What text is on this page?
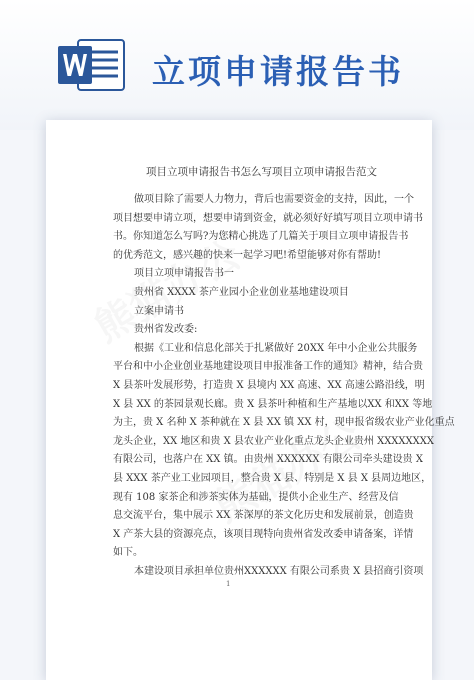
立项申请报告书
项目立项申请报告书怎么写项目立项申请报告范文
做项目除了需要人力物力，背后也需要资金的支持，因此，一个
项目想要申请立项，想要申请到资金，就必须好好填写项目立项申请书
书。你知道怎么写吗?为您精心挑选了几篇关于项目立项申请报告书
的优秀范文，感兴趣的快来一起学习吧!希望能够对你有帮助!
项目立项申请报告书一
贵州省 XXXX 茶产业园小企业创业基地建设项目
立案申请书
贵州省发改委:
根据《工业和信息化部关于扎紧做好 20XX 年中小企业公共服务
平台和中小企业创业基地建设项目申报准备工作的通知》精神，结合贵
X 县茶叶发展形势，打造贵 X 县境内 XX 高速、XX 高速公路沿线，明
X 县 XX 的茶园景观长廊。贵 X 县茶叶种植和生产基地以XX 和XX 等地
为主，贵 X 名种 X 茶种就在 X 县 XX 镇 XX 村，现申报省级农业产业化重点
龙头企业，XX 地区和贵 X 县农业产业化重点龙头企业贵州 XXXXXXXX
有限公司，也落户在 XX 镇。由贵州 XXXXXX 有限公司牵头建设贵 X
县 XXX 茶产业工业园项目，整合贵 X 县、特别是 X 县 X 县周边地区，
现有 108 家茶企和涉茶实体为基础，提供小企业生产、经营及信
息交流平台，集中展示 XX 茶深厚的茶文化历史和发展前景，创造贵
X 产茶大县的资源亮点，该项目现特向贵州省发改委申请备案，详情
如下。
本建设项目承担单位贵州XXXXXX 有限公司系贵 X 县招商引资项
1
